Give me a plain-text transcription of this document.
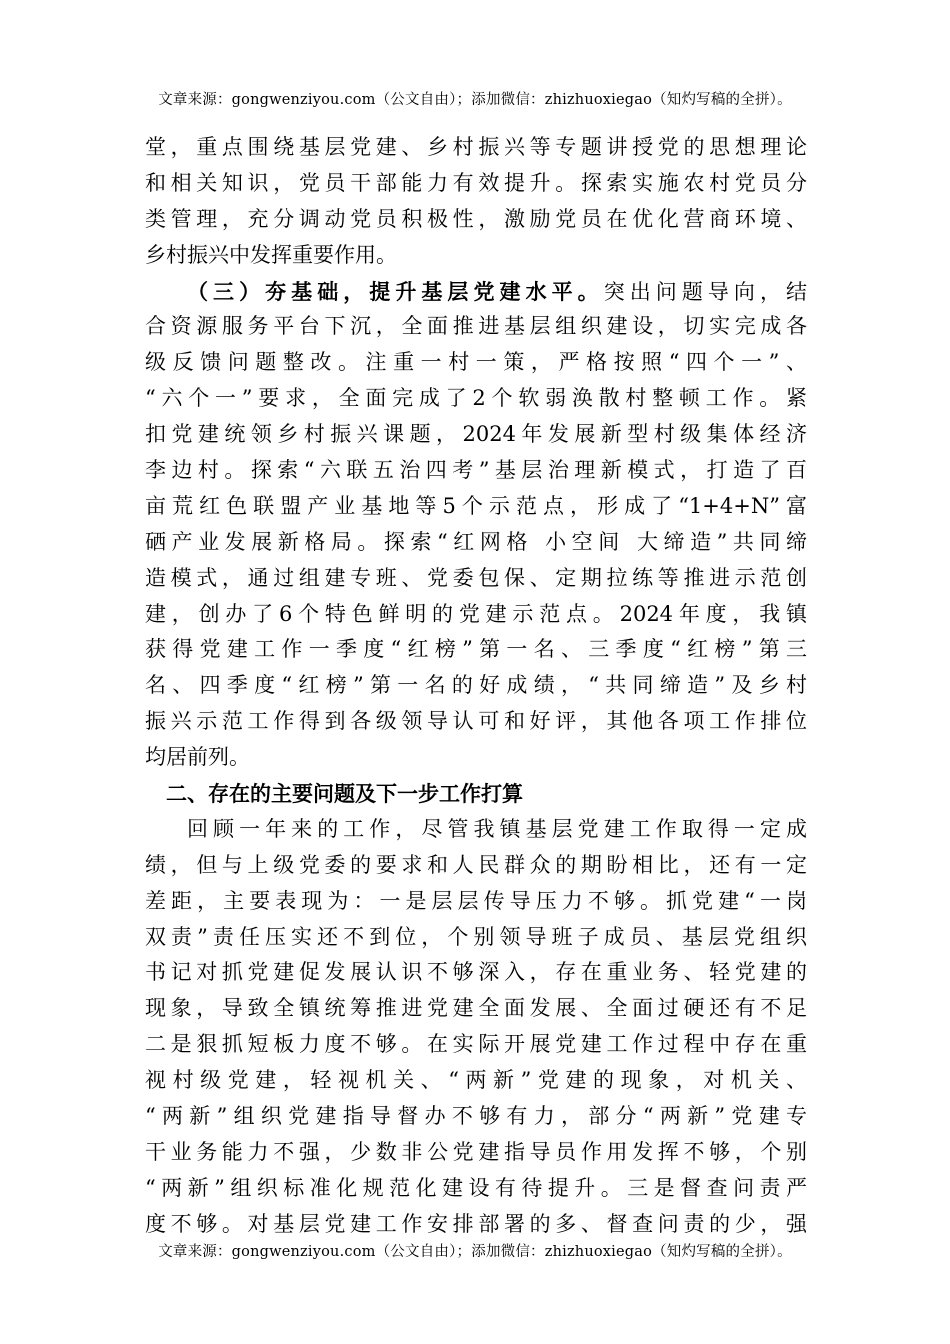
文章来源：gongwenziyou.com（公文自由）；添加微信：zhizhuoxiegao（知灼写稿的全拼）。
堂，重点围绕基层党建、乡村振兴等专题讲授党的思想理论
和相关知识，党员干部能力有效提升。探索实施农村党员分
类管理，充分调动党员积极性，激励党员在优化营商环境、
乡村振兴中发挥重要作用。
（三）夯基础，提升基层党建水平。突出问题导向，结
合资源服务平台下沉，全面推进基层组织建设，切实完成各
级反馈问题整改。注重一村一策，严格按照“四个一”、
“六个一”要求，全面完成了2个软弱涣散村整顿工作。紧
扣党建统领乡村振兴课题，2024年发展新型村级集体经济
李边村。探索“六联五治四考”基层治理新模式，打造了百
亩荒红色联盟产业基地等5个示范点，形成了“1+4+N”富
硒产业发展新格局。探索“红网格 小空间 大缔造”共同缔
造模式，通过组建专班、党委包保、定期拉练等推进示范创
建，创办了6个特色鲜明的党建示范点。2024年度，我镇
获得党建工作一季度“红榜”第一名、三季度“红榜”第三
名、四季度“红榜”第一名的好成绩，“共同缔造”及乡村
振兴示范工作得到各级领导认可和好评，其他各项工作排位
均居前列。
二、存在的主要问题及下一步工作打算
回顾一年来的工作，尽管我镇基层党建工作取得一定成
绩，但与上级党委的要求和人民群众的期盼相比，还有一定
差距，主要表现为：一是层层传导压力不够。抓党建“一岗
双责”责任压实还不到位，个别领导班子成员、基层党组织
书记对抓党建促发展认识不够深入，存在重业务、轻党建的
现象，导致全镇统筹推进党建全面发展、全面过硬还有不足
二是狠抓短板力度不够。在实际开展党建工作过程中存在重
视村级党建，轻视机关、“两新”党建的现象，对机关、
“两新”组织党建指导督办不够有力，部分“两新”党建专
干业务能力不强，少数非公党建指导员作用发挥不够，个别
“两新”组织标准化规范化建设有待提升。三是督查问责严
度不够。对基层党建工作安排部署的多、督查问责的少，强
文章来源：gongwenziyou.com（公文自由）；添加微信：zhizhuoxiegao（知灼写稿的全拼）。
